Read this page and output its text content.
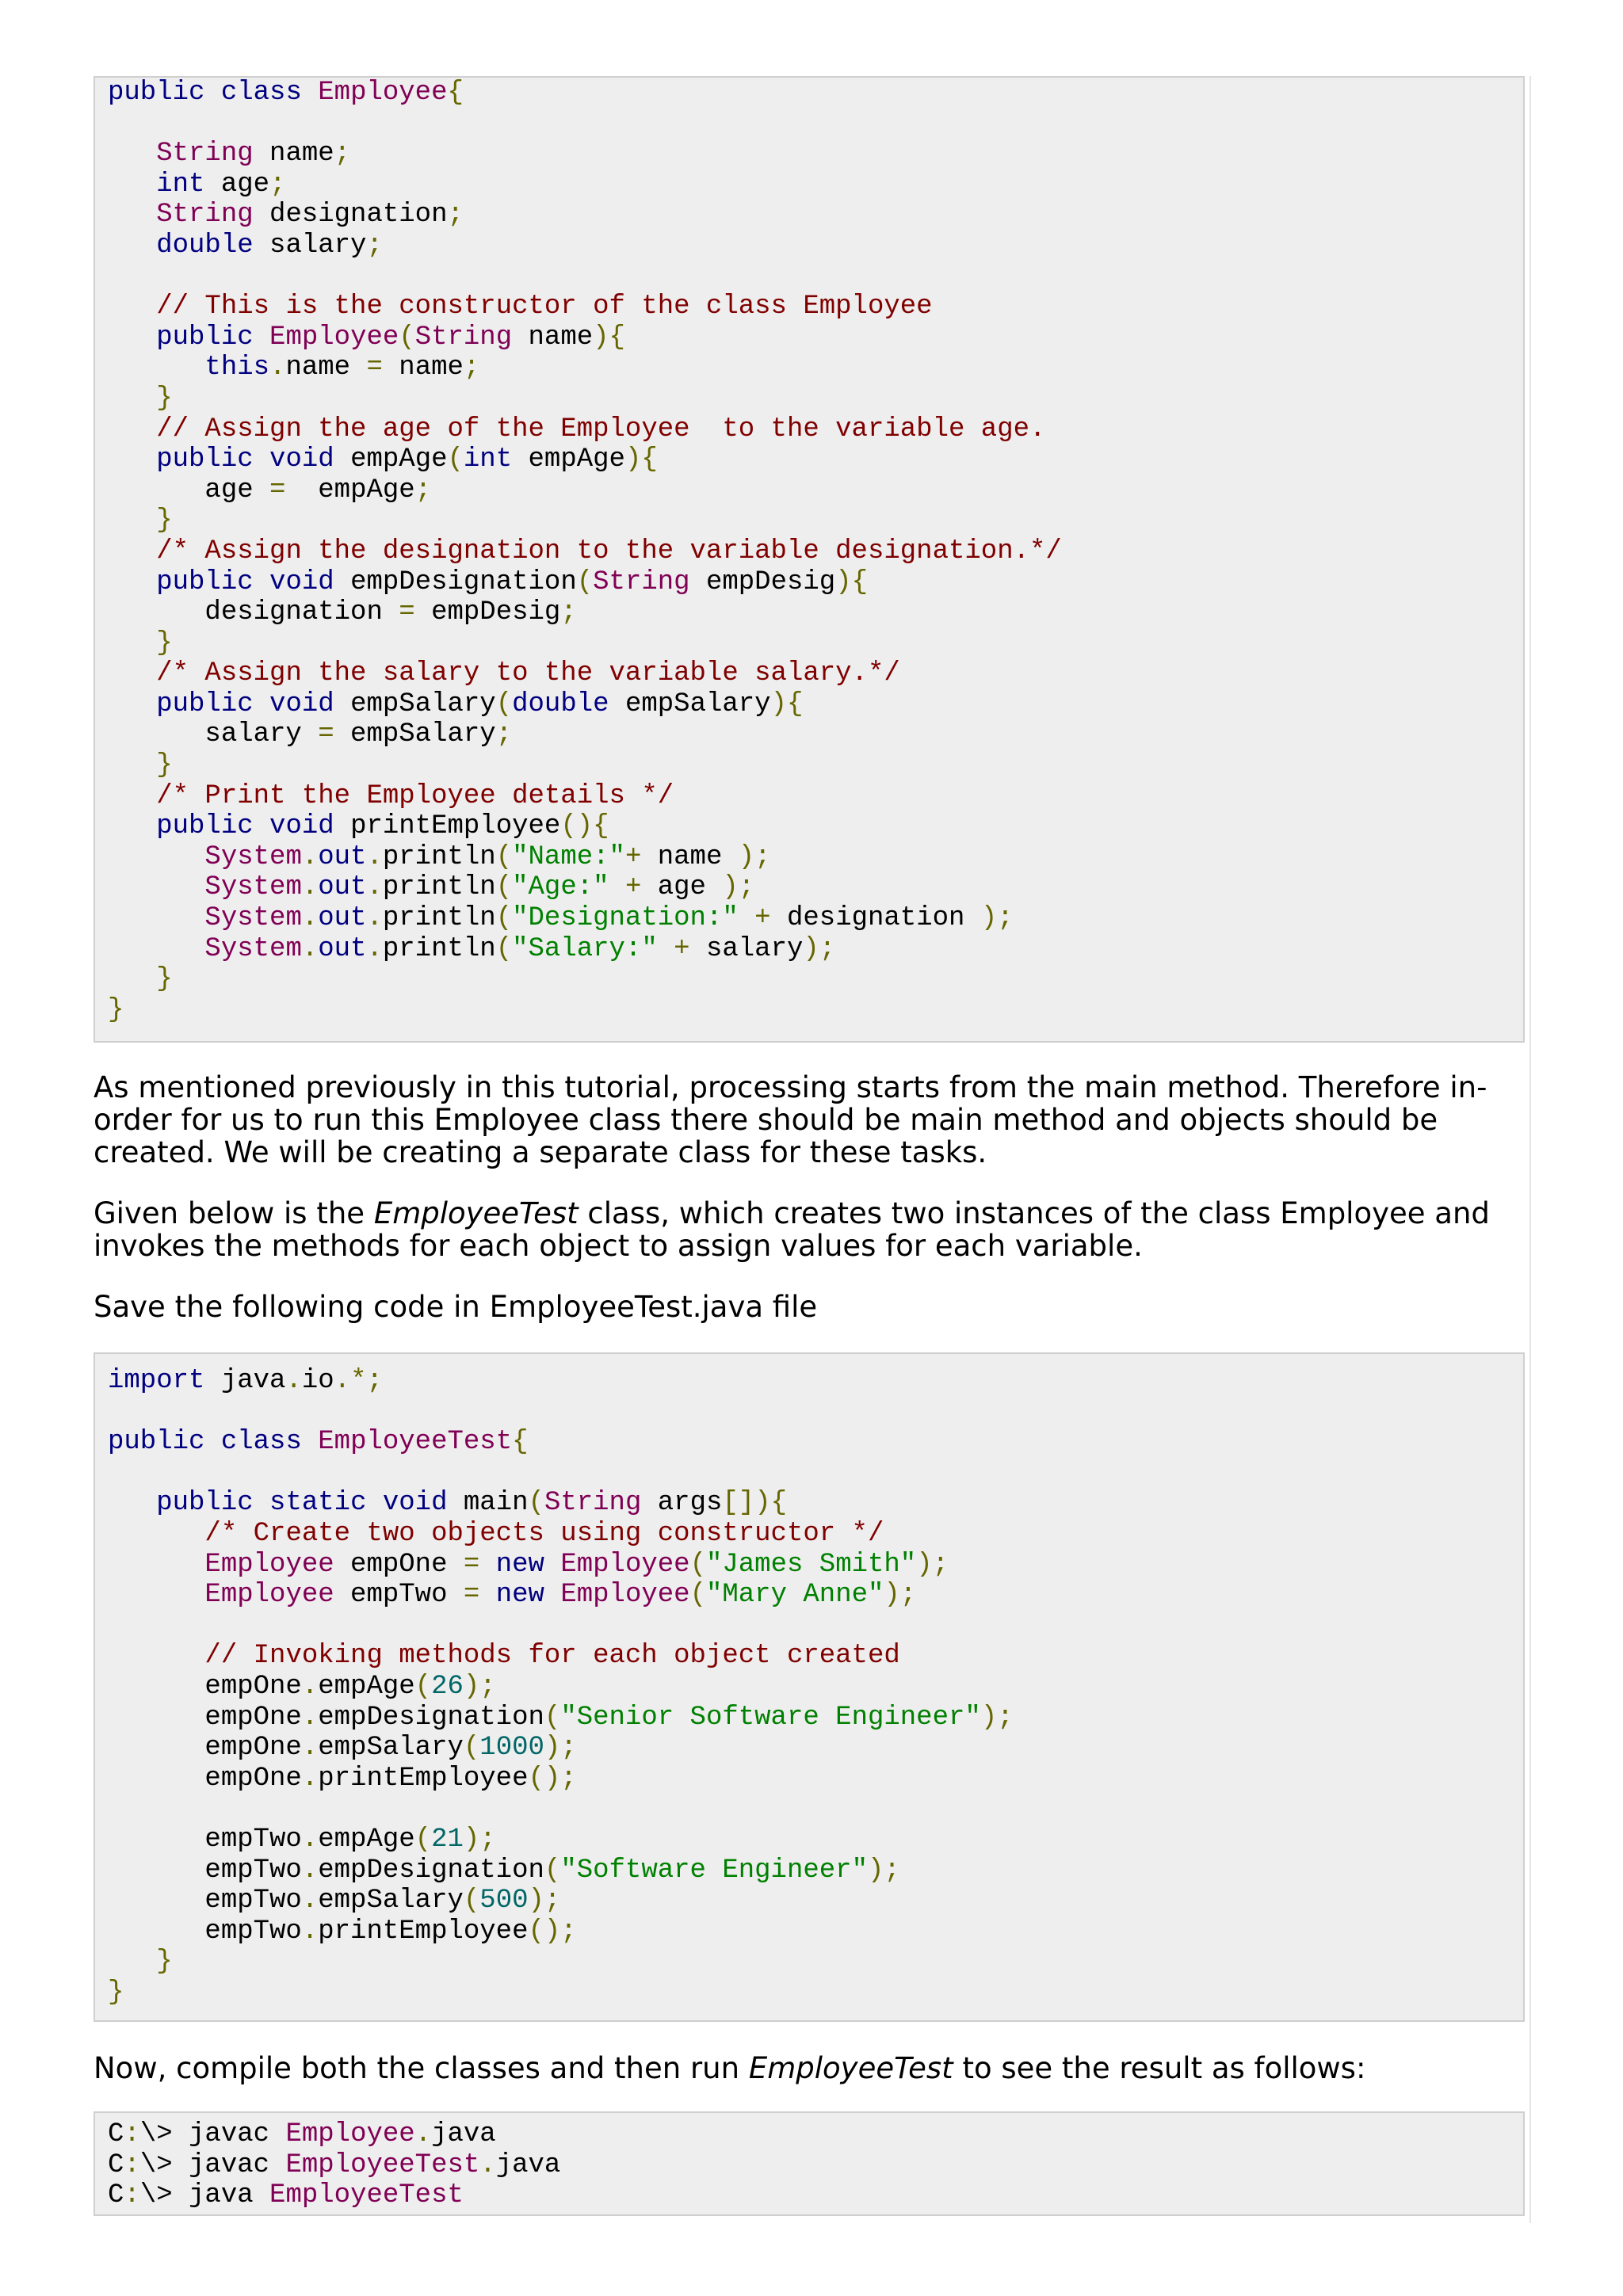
public class Employee{

String name;
int age;
String designation;
double salary;

// This is the constructor of the class Employee
public Employee(String name){
this.name = name;
}
// Assign the age of the Employee  to the variable age.
public void empAge(int empAge){
age =  empAge;
}
/* Assign the designation to the variable designation.*/
public void empDesignation(String empDesig){
designation = empDesig;
}
/* Assign the salary to the variable salary.*/
public void empSalary(double empSalary){
salary = empSalary;
}
/* Print the Employee details */
public void printEmployee(){
System.out.println("Name:"+ name );
System.out.println("Age:" + age );
System.out.println("Designation:" + designation );
System.out.println("Salary:" + salary);
}
}

As mentioned previously in this tutorial, processing starts from the main method. Therefore in-order for us to run this Employee class there should be main method and objects should be created. We will be creating a separate class for these tasks.

Given below is the EmployeeTest class, which creates two instances of the class Employee and invokes the methods for each object to assign values for each variable.

Save the following code in EmployeeTest.java file

import java.io.*;

public class EmployeeTest{

public static void main(String args[]){
/* Create two objects using constructor */
Employee empOne = new Employee("James Smith");
Employee empTwo = new Employee("Mary Anne");

// Invoking methods for each object created
empOne.empAge(26);
empOne.empDesignation("Senior Software Engineer");
empOne.empSalary(1000);
empOne.printEmployee();

empTwo.empAge(21);
empTwo.empDesignation("Software Engineer");
empTwo.empSalary(500);
empTwo.printEmployee();
}
}

Now, compile both the classes and then run EmployeeTest to see the result as follows:

C:\> javac Employee.java
C:\> javac EmployeeTest.java
C:\> java EmployeeTest
